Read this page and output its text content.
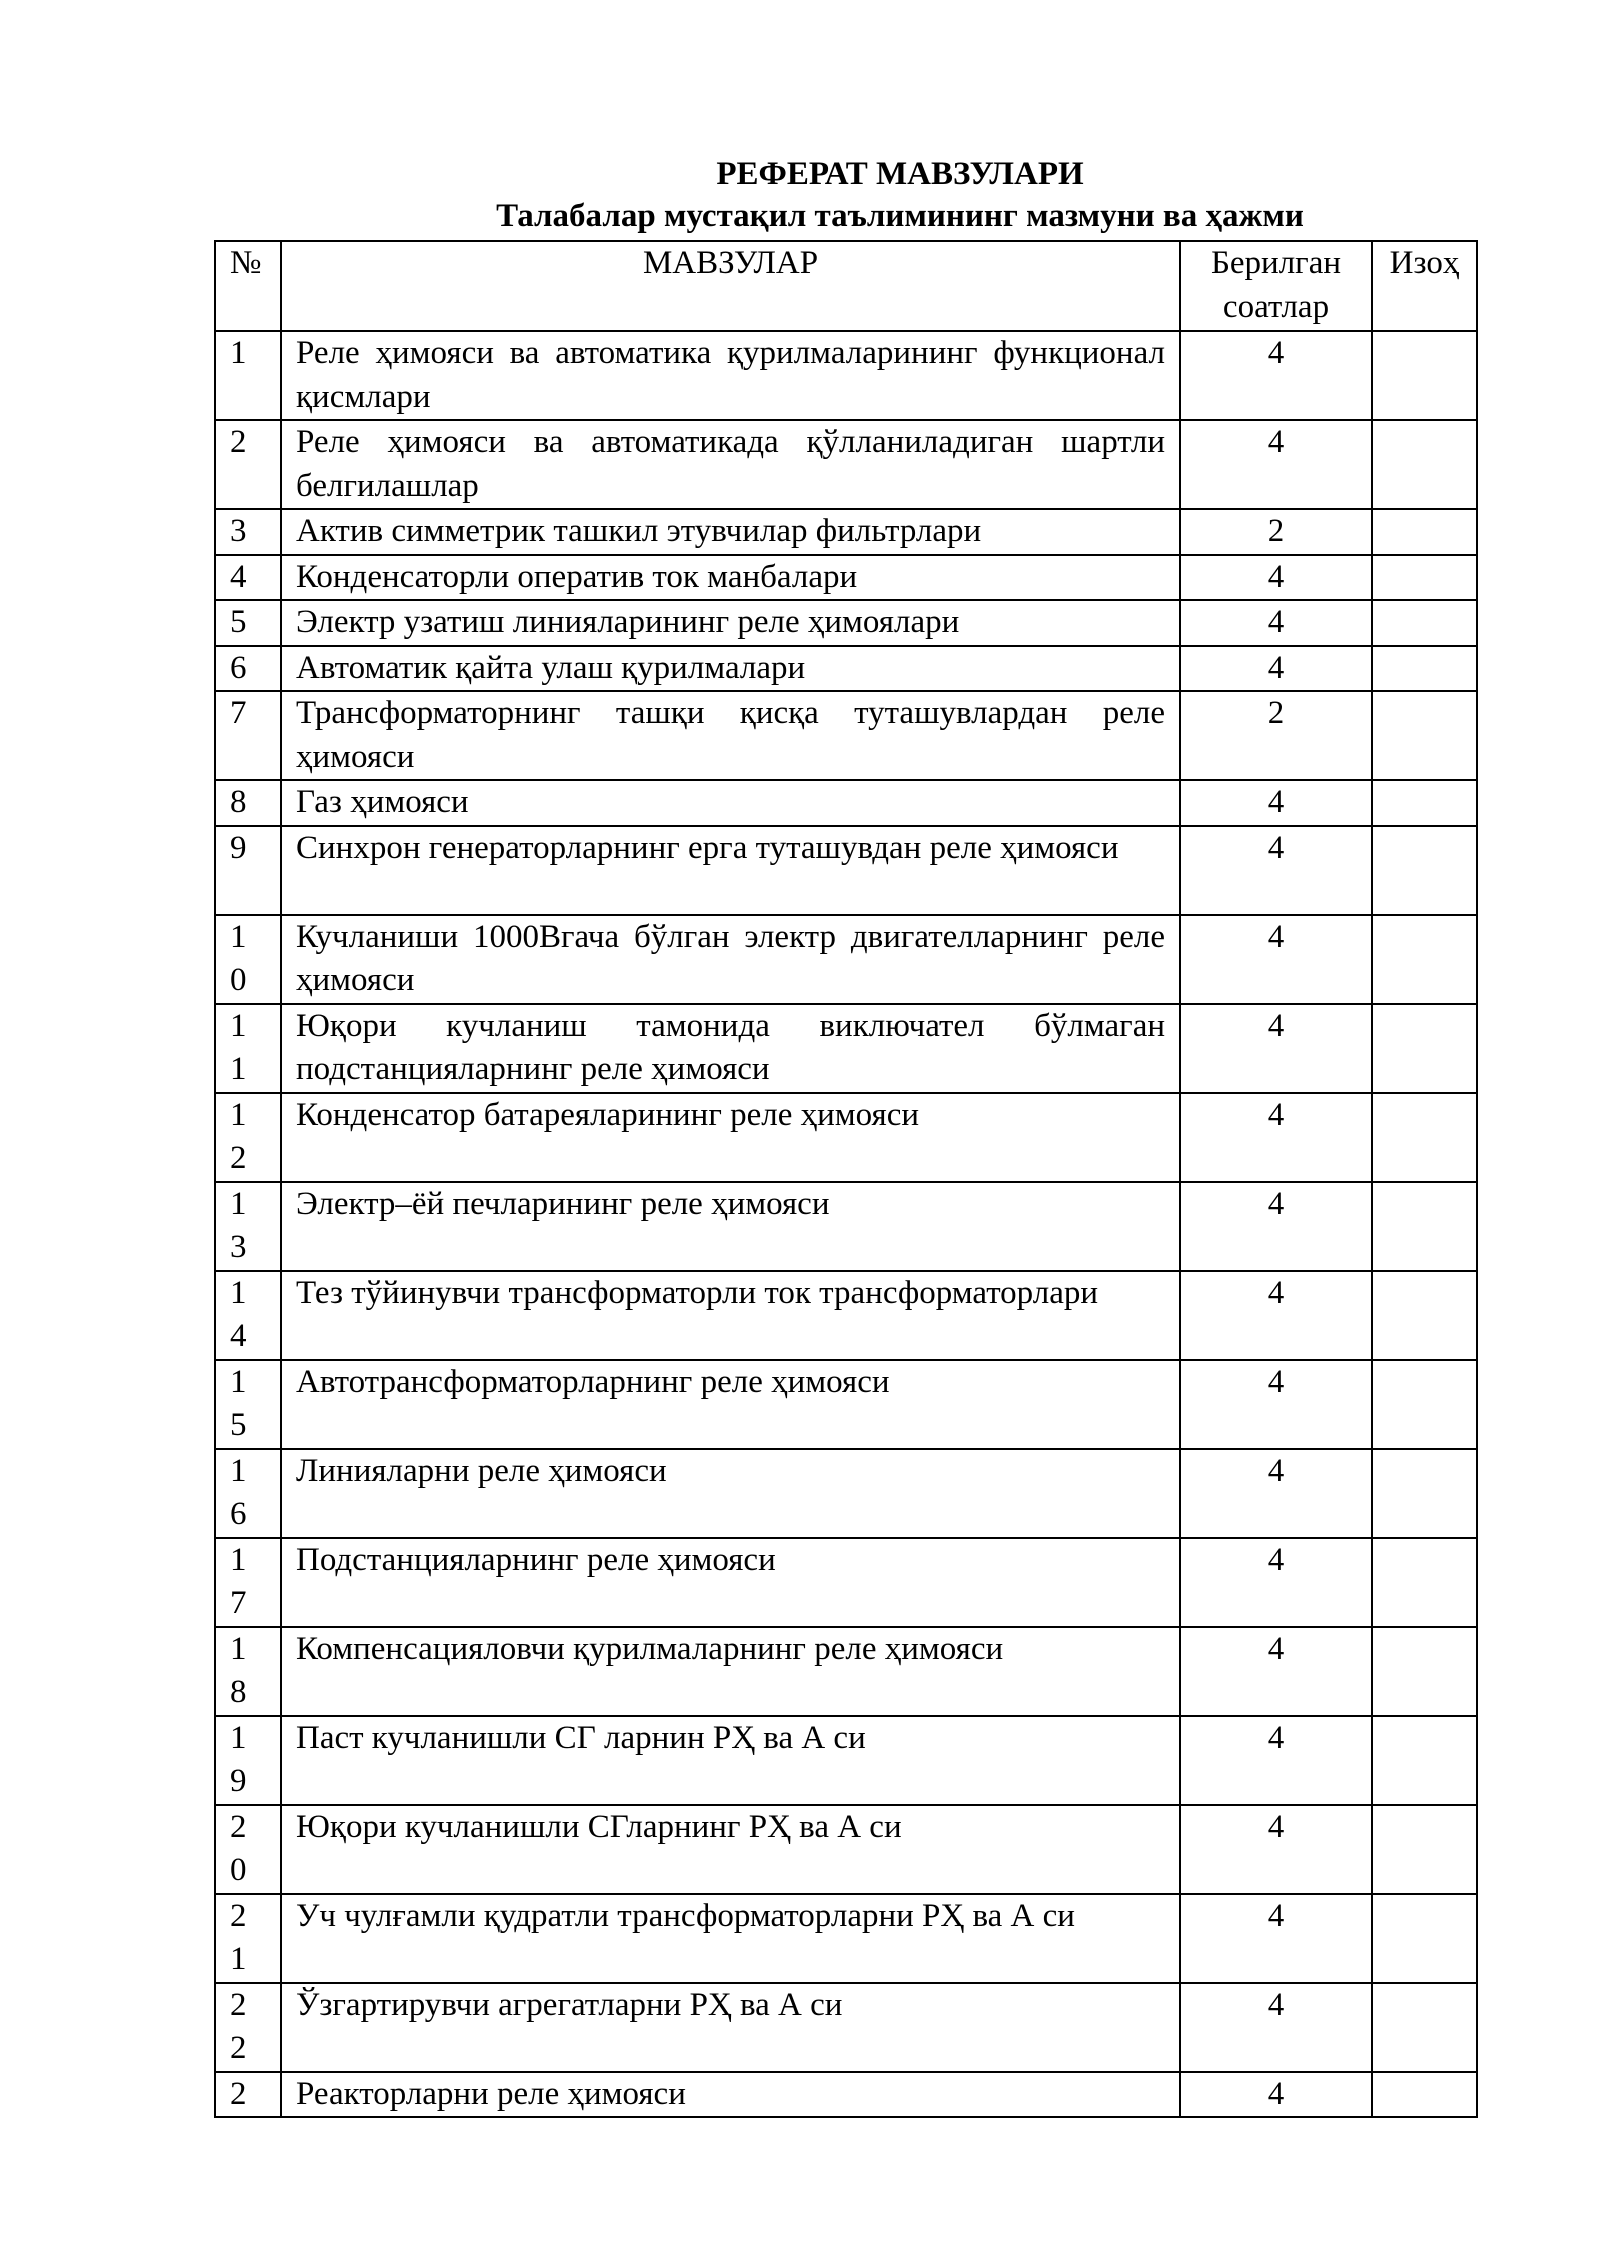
РЕФЕРАТ МАВЗУЛАРИ
Талабалар мустақил таълимининг мазмуни ва ҳажми
№	МАВЗУЛАР	Берилган соатлар	Изоҳ

1	Реле ҳимояси ва автоматика қурилмаларининг функционал қисмлари	4	

2	Реле ҳимояси ва автоматикада қўлланиладиган шартли белгилашлар	4	

3	Актив симметрик ташкил этувчилар фильтрлари	2	

4	Конденсаторли оператив ток манбалари	4	

5	Электр узатиш линияларининг реле ҳимоялари	4	

6	Автоматик қайта улаш қурилмалари	4	

7	Трансформаторнинг ташқи қисқа туташувлардан реле ҳимояси	2	

8	Газ ҳимояси	4	

9	Синхрон генераторларнинг ерга туташувдан реле ҳимояси	4	

10	Кучланиши 1000Вгача бўлган электр двигателларнинг реле ҳимояси	4	

11	Юқори кучланиш тамонида виключател бўлмаган подстанцияларнинг реле ҳимояси	4	

12	Конденсатор батареяларининг реле ҳимояси	4	

13	Электр–ёй печларининг реле ҳимояси	4	

14	Тез тўйинувчи трансформаторли ток трансформаторлари	4	

15	Автотрансформаторларнинг реле ҳимояси	4	

16	Линияларни реле ҳимояси	4	

17	Подстанцияларнинг реле ҳимояси	4	

18	Компенсацияловчи қурилмаларнинг реле ҳимояси	4	

19	Паст кучланишли СГ ларнин РҲ ва А си	4	

20	Юқори кучланишли СГларнинг РҲ ва А си	4	

21	Уч чулғамли қудратли трансформаторларни РҲ ва А си	4	

22	Ўзгартирувчи агрегатларни РҲ ва А си	4	

2	Реакторларни реле ҳимояси	4	
